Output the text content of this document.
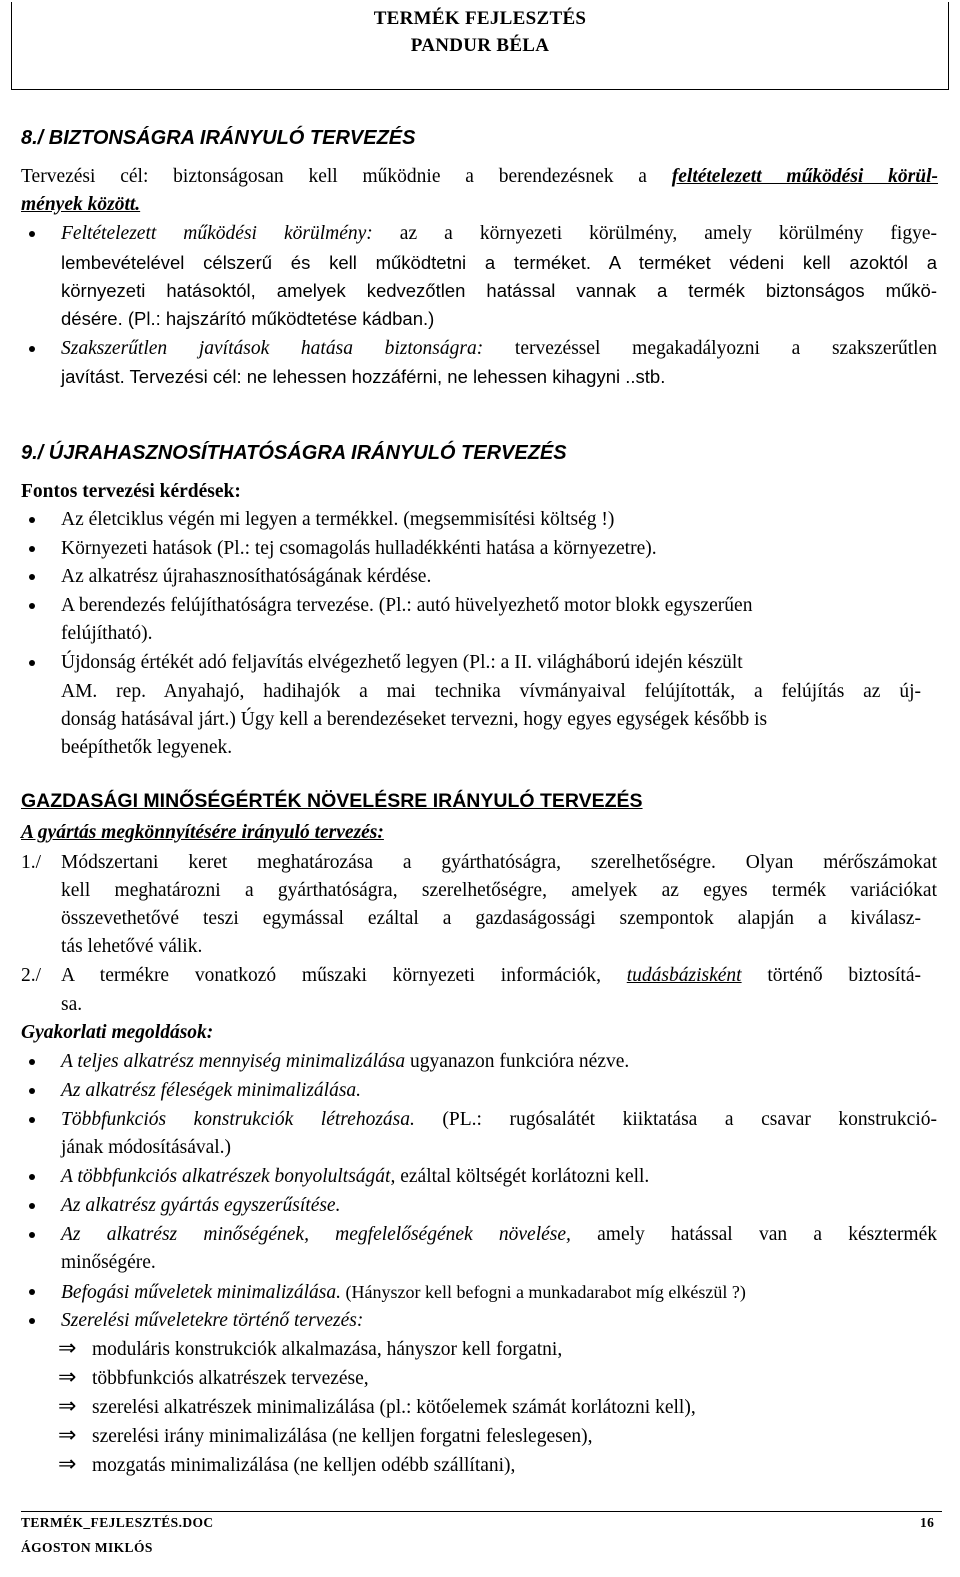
TERMÉK FEJLESZTÉS
PANDUR BÉLA
8./ BIZTONSÁGRA IRÁNYULÓ TERVEZÉS
Tervezési cél: biztonságosan kell működnie a berendezésnek a feltételezett működési körül-
mények között.
Feltételezett működési körülmény: az a környezeti körülmény, amely körülmény figye-
lembevételével célszerű és kell működtetni a terméket. A terméket védeni kell azoktól a
környezeti hatásoktól, amelyek kedvezőtlen hatással vannak a termék biztonságos műkö-
désére. (Pl.: hajszárító működtetése kádban.)
Szakszerűtlen javítások hatása biztonságra: tervezéssel megakadályozni a szakszerűtlen
javítást. Tervezési cél: ne lehessen hozzáférni, ne lehessen kihagyni ..stb.
9./ ÚJRAHASZNOSÍTHATÓSÁGRA IRÁNYULÓ TERVEZÉS
Fontos tervezési kérdések:
Az életciklus végén mi legyen a termékkel. (megsemmisítési költség !)
Környezeti hatások (Pl.: tej csomagolás hulladékkénti hatása a környezetre).
Az alkatrész újrahasznosíthatóságának kérdése.
A berendezés felújíthatóságra tervezése. (Pl.: autó hüvelyezhető motor blokk egyszerűen
felújítható).
Újdonság értékét adó feljavítás elvégezhető legyen (Pl.: a II. világháború idején készült
AM. rep. Anyahajó, hadihajók a mai technika vívmányaival felújították, a felújítás az új-
donság hatásával járt.) Úgy kell a berendezéseket tervezni, hogy egyes egységek később is
beépíthetők legyenek.
GAZDASÁGI MINŐSÉGÉRTÉK NÖVELÉSRE IRÁNYULÓ TERVEZÉS
A gyártás megkönnyítésére irányuló tervezés:
1./ Módszertani keret meghatározása a gyárthatóságra, szerelhetőségre. Olyan mérőszámokat
kell meghatározni a gyárthatóságra, szerelhetőségre, amelyek az egyes termék variációkat
összevethetővé teszi egymással ezáltal a gazdaságossági szempontok alapján a kiválasz-
tás lehetővé válik.
2./ A termékre vonatkozó műszaki környezeti információk, tudásbázisként történő biztosítá-
sa.
Gyakorlati megoldások:
A teljes alkatrész mennyiség minimalizálása ugyanazon funkcióra nézve.
Az alkatrész féleségek minimalizálása.
Többfunkciós konstrukciók létrehozása. (PL.: rugósalátét kiiktatása a csavar konstrukció-
jának módosításával.)
A többfunkciós alkatrészek bonyolultságát, ezáltal költségét korlátozni kell.
Az alkatrész gyártás egyszerűsítése.
Az alkatrész minőségének, megfelelőségének növelése, amely hatással van a késztermék
minőségére.
Befogási műveletek minimalizálása. (Hányszor kell befogni a munkadarabot míg elkészül ?)
Szerelési műveletekre történő tervezés:
⇒ moduláris konstrukciók alkalmazása, hányszor kell forgatni,
⇒ többfunkciós alkatrészek tervezése,
⇒ szerelési alkatrészek minimalizálása (pl.: kötőelemek számát korlátozni kell),
⇒ szerelési irány minimalizálása (ne kelljen forgatni feleslegesen),
⇒ mozgatás minimalizálása (ne kelljen odébb szállítani),
TERMÉK_FEJLESZTÉS.DOC
ÁGOSTON MIKLÓS
16
